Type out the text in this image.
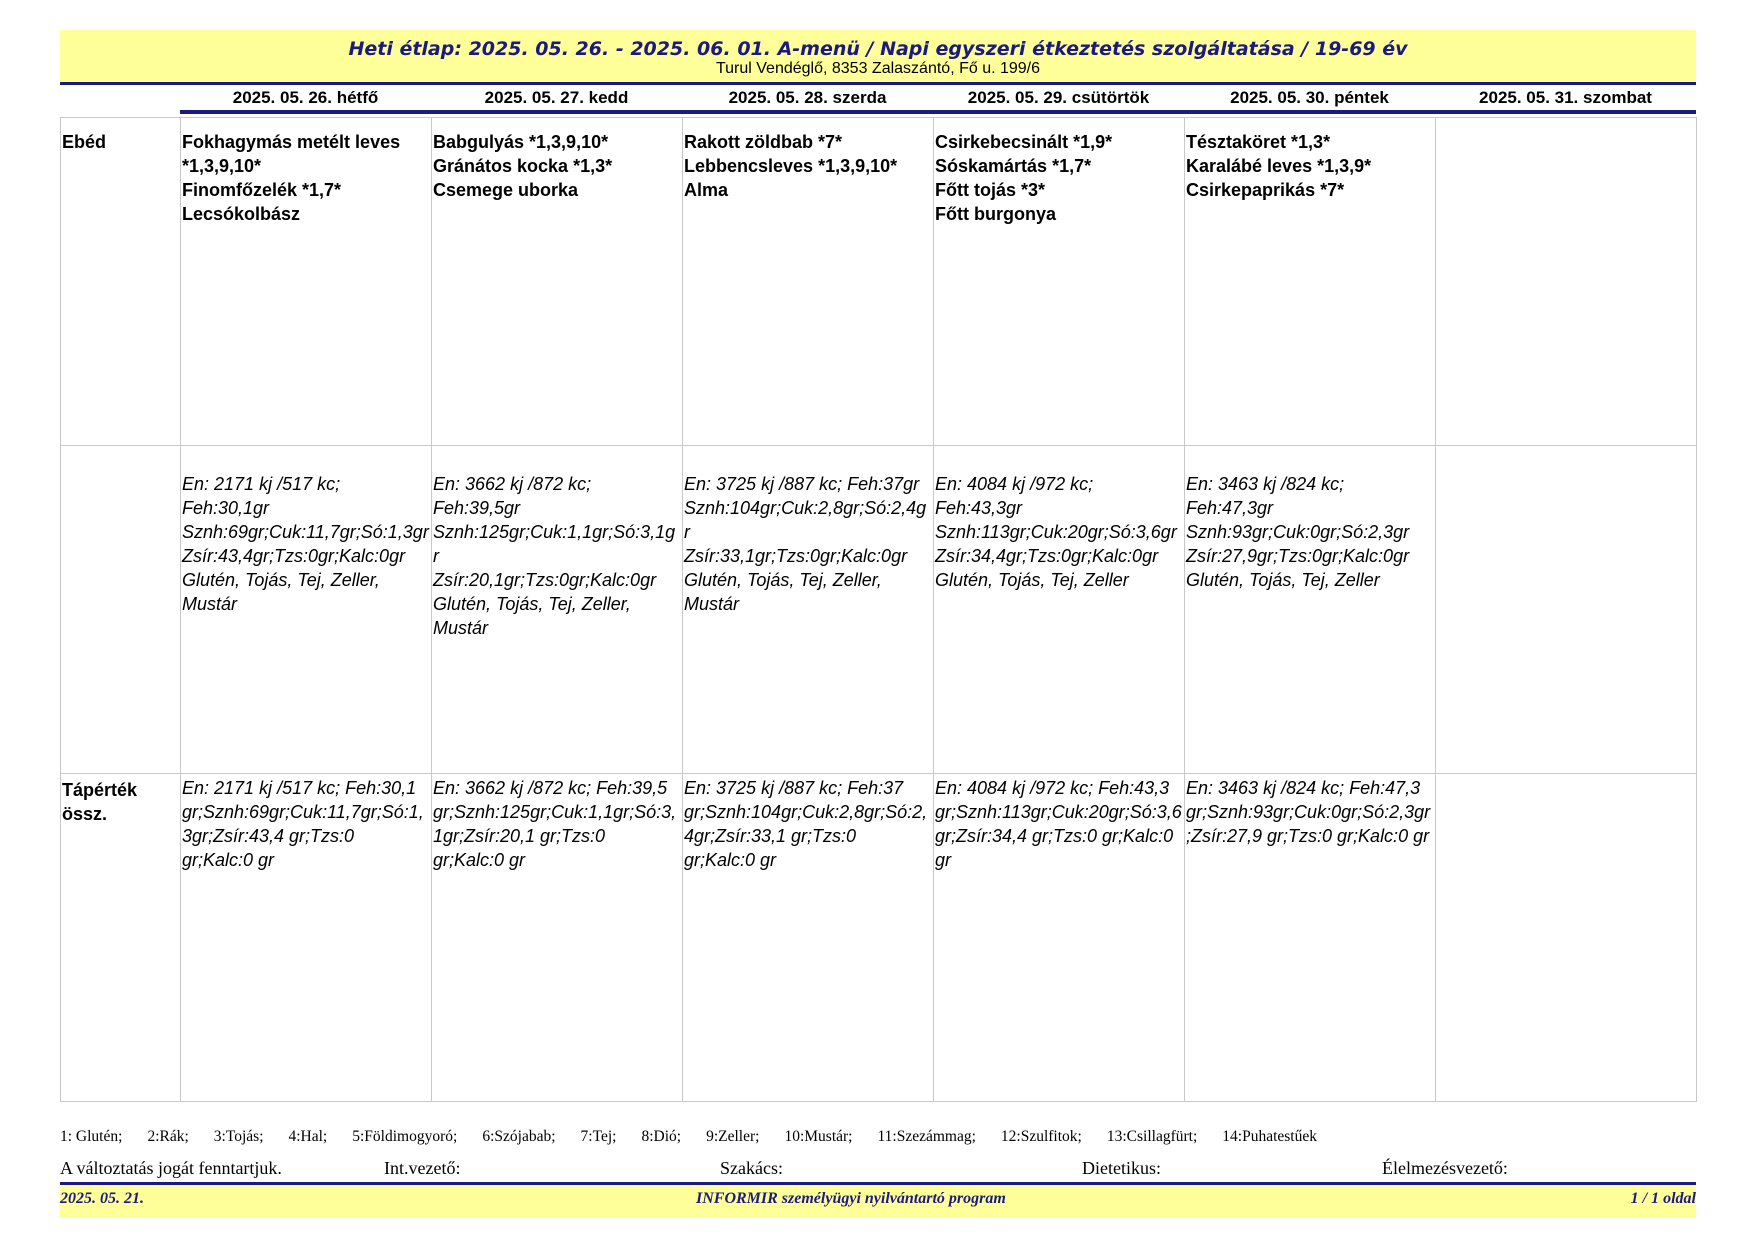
Heti étlap: 2025. 05. 26. - 2025. 06. 01. A-menü / Napi egyszeri étkeztetés szolgáltatása / 19-69 év
Turul Vendéglő, 8353 Zalaszántó, Fő u. 199/6
2025. 05. 26. hétfő	2025. 05. 27. kedd	2025. 05. 28. szerda	2025. 05. 29. csütörtök	2025. 05. 30. péntek	2025. 05. 31. szombat
Ebéd	Fokhagymás metélt leves *1,3,9,10*
Finomfőzelék *1,7*
Lecsókolbász	Babgulyás *1,3,9,10*
Gránátos kocka *1,3*
Csemege uborka	Rakott zöldbab *7*
Lebbencsleves *1,3,9,10*
Alma	Csirkebecsinált *1,9*
Sóskamártás *1,7*
Főtt tojás *3*
Főtt burgonya	Tésztaköret *1,3*
Karalábé leves *1,3,9*
Csirkepaprikás *7*	

	En: 2171 kj /517 kc; Feh:30,1gr
Sznh:69gr;Cuk:11,7gr;Só:1,3gr
Zsír:43,4gr;Tzs:0gr;Kalc:0gr
Glutén, Tojás, Tej, Zeller, Mustár	En: 3662 kj /872 kc; Feh:39,5gr
Sznh:125gr;Cuk:1,1gr;Só:3,1gr
Zsír:20,1gr;Tzs:0gr;Kalc:0gr
Glutén, Tojás, Tej, Zeller, Mustár	En: 3725 kj /887 kc; Feh:37gr
Sznh:104gr;Cuk:2,8gr;Só:2,4gr
Zsír:33,1gr;Tzs:0gr;Kalc:0gr
Glutén, Tojás, Tej, Zeller, Mustár	En: 4084 kj /972 kc; Feh:43,3gr
Sznh:113gr;Cuk:20gr;Só:3,6gr
Zsír:34,4gr;Tzs:0gr;Kalc:0gr
Glutén, Tojás, Tej, Zeller	En: 3463 kj /824 kc; Feh:47,3gr
Sznh:93gr;Cuk:0gr;Só:2,3gr
Zsír:27,9gr;Tzs:0gr;Kalc:0gr
Glutén, Tojás, Tej, Zeller	

Tápérték össz.	En: 2171 kj /517 kc; Feh:30,1 gr;Sznh:69gr;Cuk:11,7gr;Só:1,3gr;Zsír:43,4 gr;Tzs:0 gr;Kalc:0 gr	En: 3662 kj /872 kc; Feh:39,5 gr;Sznh:125gr;Cuk:1,1gr;Só:3,1gr;Zsír:20,1 gr;Tzs:0 gr;Kalc:0 gr	En: 3725 kj /887 kc; Feh:37 gr;Sznh:104gr;Cuk:2,8gr;Só:2,4gr;Zsír:33,1 gr;Tzs:0 gr;Kalc:0 gr	En: 4084 kj /972 kc; Feh:43,3 gr;Sznh:113gr;Cuk:20gr;Só:3,6gr;Zsír:34,4 gr;Tzs:0 gr;Kalc:0 gr	En: 3463 kj /824 kc; Feh:47,3 gr;Sznh:93gr;Cuk:0gr;Só:2,3gr;Zsír:27,9 gr;Tzs:0 gr;Kalc:0 gr	
1: Glutén; 2:Rák; 3:Tojás; 4:Hal; 5:Földimogyoró; 6:Szójabab; 7:Tej; 8:Dió; 9:Zeller; 10:Mustár; 11:Szezámmag; 12:Szulfitok; 13:Csillagfürt; 14:Puhatestűek
A változtatás jogát fenntartjuk.	Int.vezető:	Szakács:	Dietetikus:	Élelmezésvezető:
2025. 05. 21.	INFORMIR személyügyi nyilvántartó program	1 / 1 oldal
